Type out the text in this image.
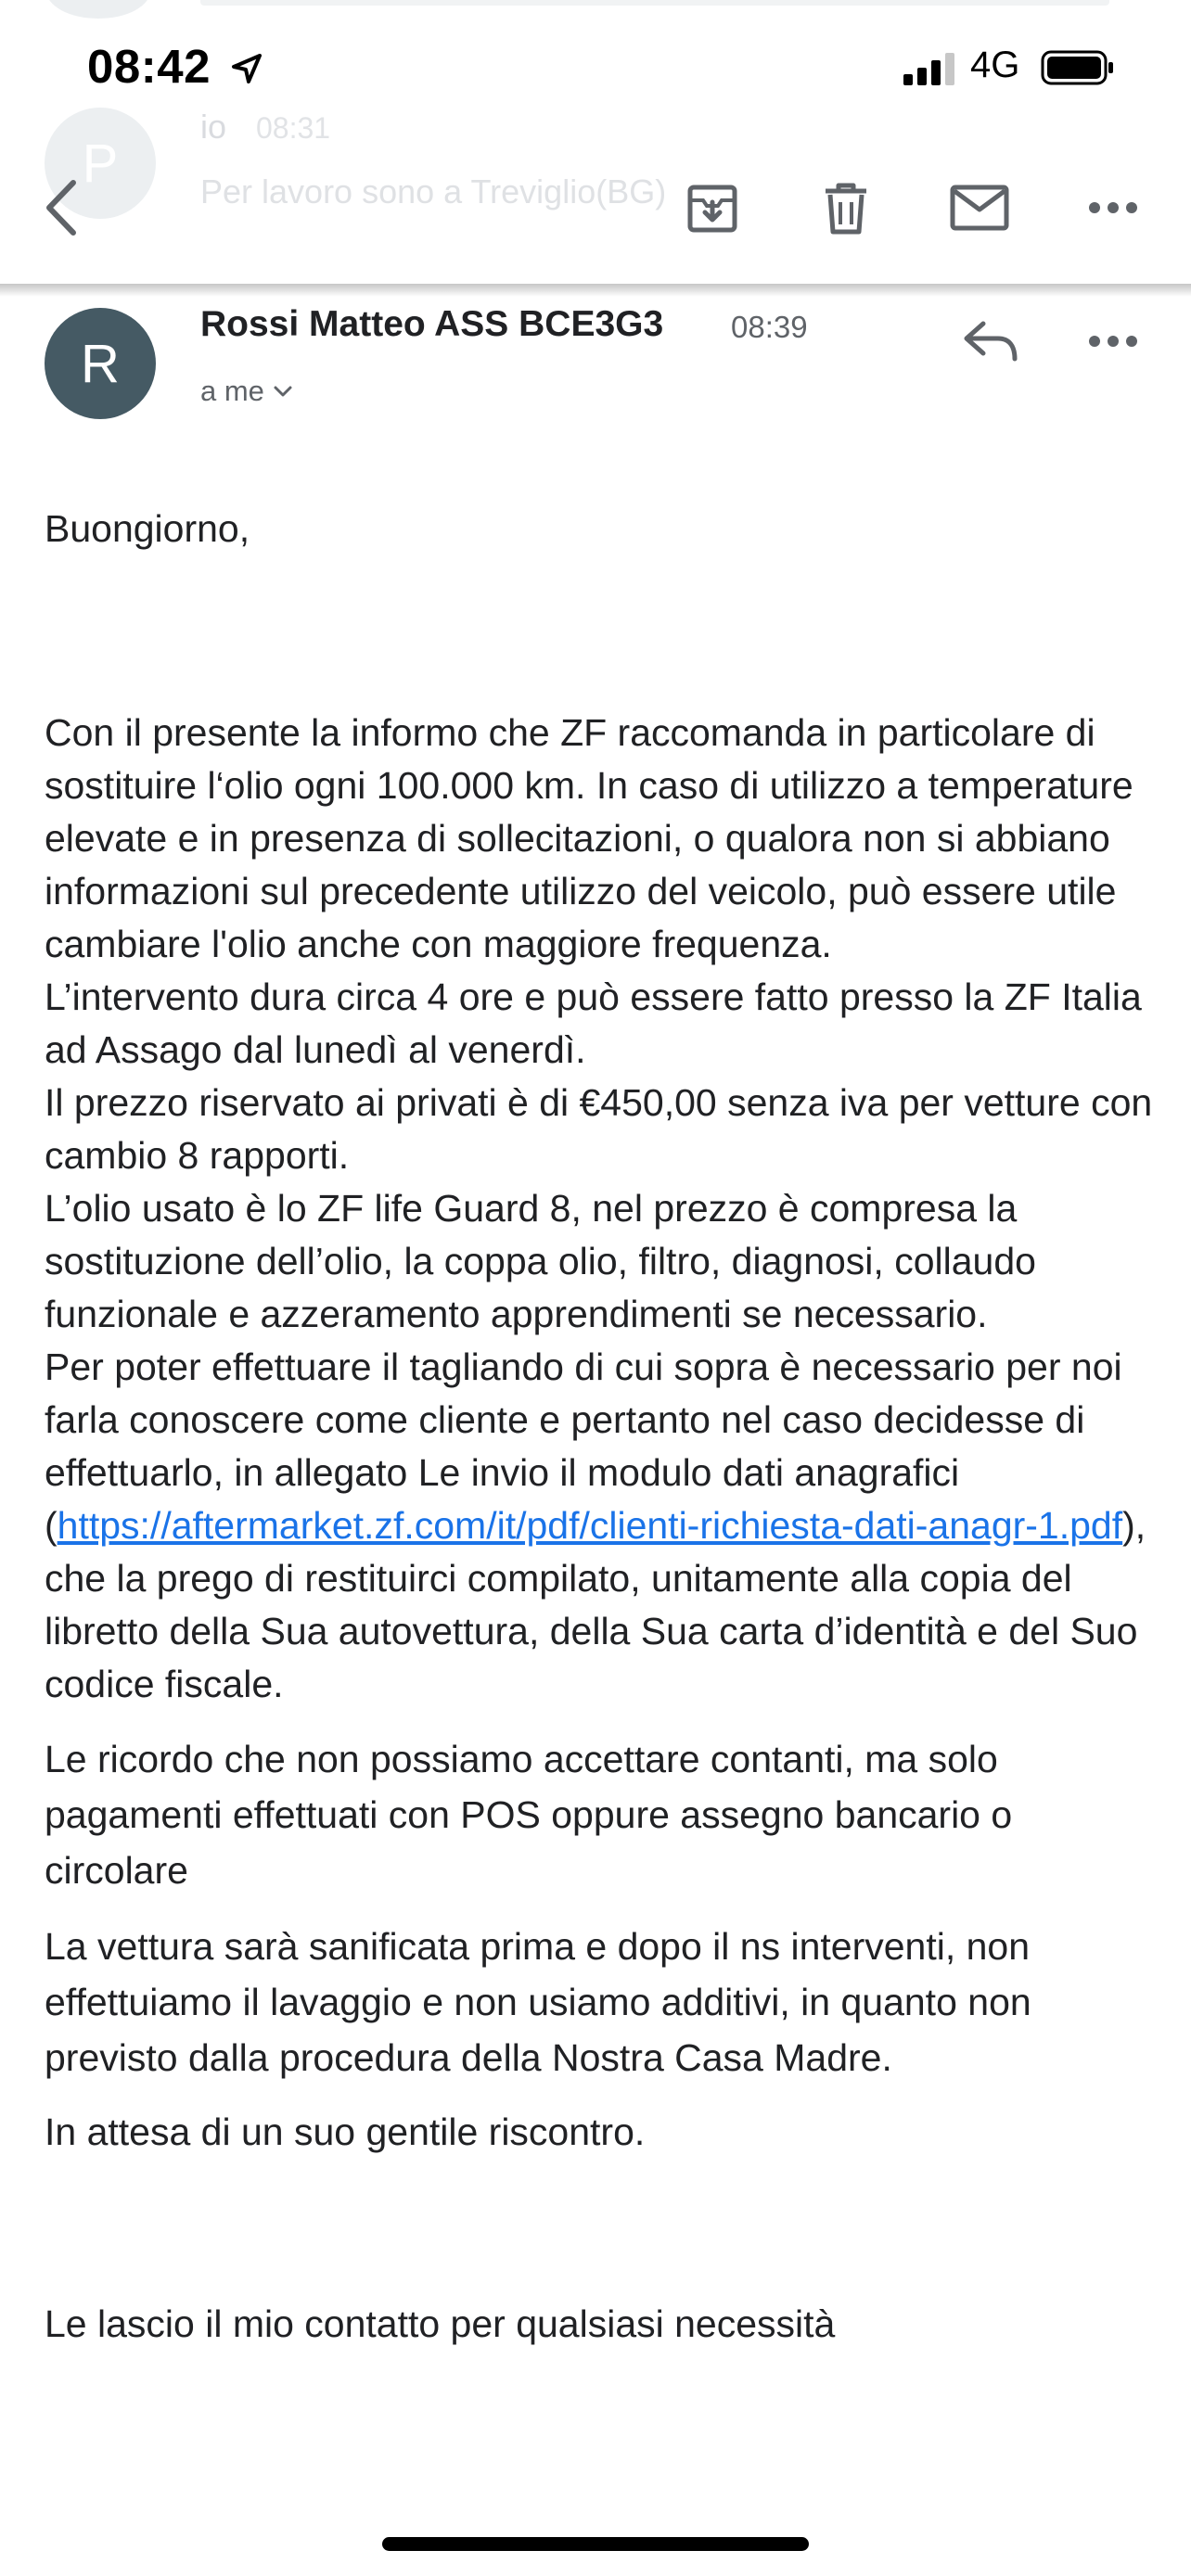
P
io 08:31
Per lavoro sono a Treviglio(BG)
08:42	4G
R
Rossi Matteo ASS BCE3G3 08:39
a me

Buongiorno,

Con il presente la informo che ZF raccomanda in particolare di sostituire l‘olio ogni 100.000 km. In caso di utilizzo a temperature elevate e in presenza di sollecitazioni, o qualora non si abbiano informazioni sul precedente utilizzo del veicolo, può essere utile cambiare l'olio anche con maggiore frequenza.

L’intervento dura circa 4 ore e può essere fatto presso la ZF Italia ad Assago dal lunedì al venerdì.

Il prezzo riservato ai privati è di €450,00 senza iva per vetture con cambio 8 rapporti.

L’olio usato è lo ZF life Guard 8, nel prezzo è compresa la sostituzione dell’olio, la coppa olio, filtro, diagnosi, collaudo funzionale e azzeramento apprendimenti se necessario.

Per poter effettuare il tagliando di cui sopra è necessario per noi farla conoscere come cliente e pertanto nel caso decidesse di effettuarlo, in allegato Le invio il modulo dati anagrafici (https://aftermarket.zf.com/it/pdf/clienti-richiesta-dati-anagr-1.pdf), che la prego di restituirci compilato, unitamente alla copia del libretto della Sua autovettura, della Sua carta d’identità e del Suo codice fiscale.

Le ricordo che non possiamo accettare contanti, ma solo pagamenti effettuati con POS oppure assegno bancario o circolare

La vettura sarà sanificata prima e dopo il ns interventi, non effettuiamo il lavaggio e non usiamo additivi, in quanto non previsto dalla procedura della Nostra Casa Madre.

In attesa di un suo gentile riscontro.

Le lascio il mio contatto per qualsiasi necessità
